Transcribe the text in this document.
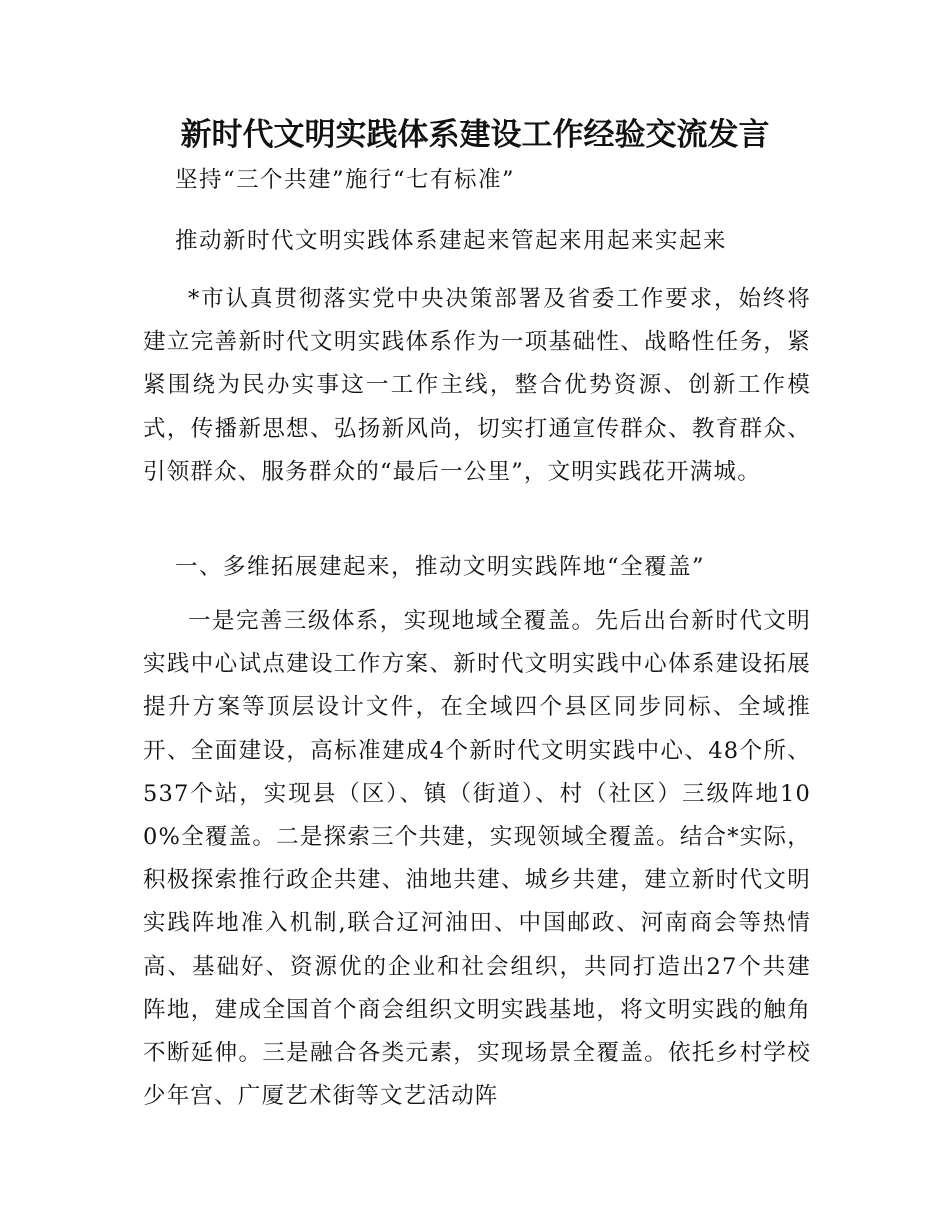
新时代文明实践体系建设工作经验交流发言
坚持“三个共建”施行“七有标准”
推动新时代文明实践体系建起来管起来用起来实起来

*市认真贯彻落实党中央决策部署及省委工作要求，始终将建立完善新时代文明实践体系作为一项基础性、战略性任务，紧紧围绕为民办实事这一工作主线，整合优势资源、创新工作模式，传播新思想、弘扬新风尚，切实打通宣传群众、教育群众、引领群众、服务群众的“最后一公里”，文明实践花开满城。

一、多维拓展建起来，推动文明实践阵地“全覆盖”

一是完善三级体系，实现地域全覆盖。先后出台新时代文明实践中心试点建设工作方案、新时代文明实践中心体系建设拓展提升方案等顶层设计文件，在全域四个县区同步同标、全域推开、全面建设，高标准建成4个新时代文明实践中心、48个所、537个站，实现县（区）、镇（街道）、村（社区）三级阵地100%全覆盖。二是探索三个共建，实现领域全覆盖。结合*实际，积极探索推行政企共建、油地共建、城乡共建，建立新时代文明实践阵地准入机制,联合辽河油田、中国邮政、河南商会等热情高、基础好、资源优的企业和社会组织，共同打造出27个共建阵地，建成全国首个商会组织文明实践基地，将文明实践的触角不断延伸。三是融合各类元素，实现场景全覆盖。依托乡村学校少年宫、广厦艺术街等文艺活动阵
